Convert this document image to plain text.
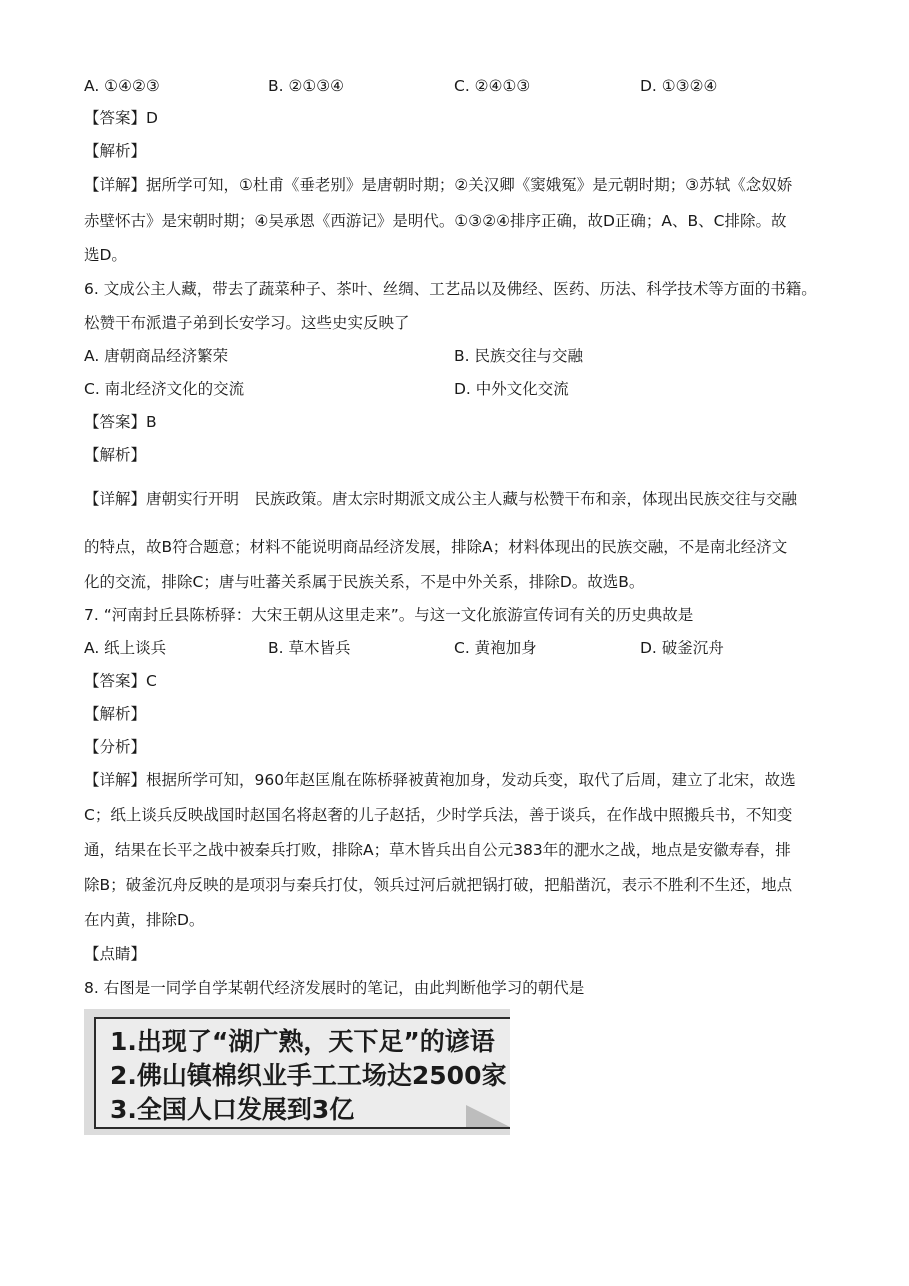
A. ①④②③	B. ②①③④	C. ②④①③	D. ①③②④
【答案】D
【解析】
【详解】据所学可知，①杜甫《垂老别》是唐朝时期；②关汉卿《窦娥冤》是元朝时期；③苏轼《念奴娇
赤壁怀古》是宋朝时期；④吴承恩《西游记》是明代。①③②④排序正确，故D正确；A、B、C排除。故
选D。
6. 文成公主人藏，带去了蔬菜种子、茶叶、丝绸、工艺品以及佛经、医药、历法、科学技术等方面的书籍。
松赞干布派遣子弟到长安学习。这些史实反映了
A. 唐朝商品经济繁荣	B. 民族交往与交融
C. 南北经济文化的交流	D. 中外文化交流
【答案】B
【解析】
【详解】唐朝实行开明　民族政策。唐太宗时期派文成公主人藏与松赞干布和亲，体现出民族交往与交融
的特点，故B符合题意；材料不能说明商品经济发展，排除A；材料体现出的民族交融，不是南北经济文
化的交流，排除C；唐与吐蕃关系属于民族关系，不是中外关系，排除D。故选B。
7. “河南封丘县陈桥驿：大宋王朝从这里走来”。与这一文化旅游宣传词有关的历史典故是
A. 纸上谈兵	B. 草木皆兵	C. 黄袍加身	D. 破釜沉舟
【答案】C
【解析】
【分析】
【详解】根据所学可知，960年赵匡胤在陈桥驿被黄袍加身，发动兵变，取代了后周，建立了北宋，故选
C；纸上谈兵反映战国时赵国名将赵奢的儿子赵括，少时学兵法，善于谈兵，在作战中照搬兵书，不知变
通，结果在长平之战中被秦兵打败，排除A；草木皆兵出自公元383年的淝水之战，地点是安徽寿春，排
除B；破釜沉舟反映的是项羽与秦兵打仗，领兵过河后就把锅打破，把船凿沉，表示不胜利不生还，地点
在内黄，排除D。
【点睛】
8. 右图是一同学自学某朝代经济发展时的笔记，由此判断他学习的朝代是
1.出现了“湖广熟，天下足”的谚语
2.佛山镇棉织业手工工场达2500家
3.全国人口发展到3亿
